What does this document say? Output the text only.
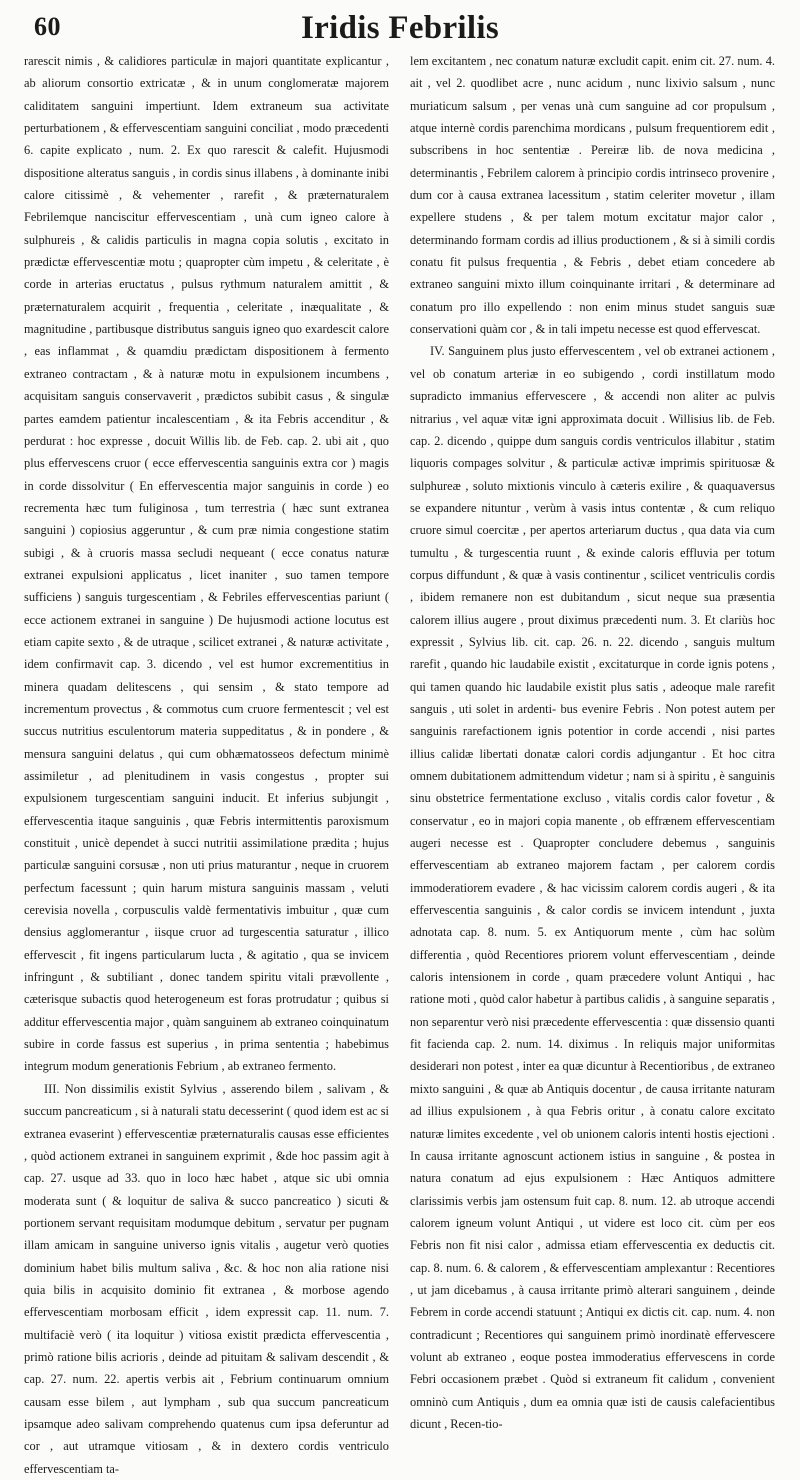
60	Iridis Febrilis

rarescit nimis , & calidiores particulæ in majori quantitate explicantur , ab aliorum consortio extricatæ , & in unum conglomeratæ majorem caliditatem sanguini impertiunt. Idem extraneum sua activitate perturbationem , & effervescentiam sanguini conciliat , modo præcedenti 6. capite explicato , num. 2. Ex quo rarescit & calefit. Hujusmodi dispositione alteratus sanguis , in cordis sinus illabens , à dominante inibi calore citissimè , & vehementer , rarefit , & præternaturalem Febrilemque nanciscitur effervescentiam , unà cum igneo calore à sulphureis , & calidis particulis in magna copia solutis , excitato in prædictæ effervescentiæ motu ; quapropter cùm impetu , & celeritate , è corde in arterias eructatus , pulsus rythmum naturalem amittit , & præternaturalem acquirit , frequentia , celeritate , inæqualitate , & magnitudine , partibusque distributus sanguis igneo quo exardescit calore , eas inflammat , & quamdiu prædictam dispositionem à fermento extraneo contractam , & à naturæ motu in expulsionem incumbens , acquisitam sanguis conservaverit , prædictos subibit casus , & singulæ partes eamdem patientur incalescentiam , & ita Febris accenditur , & perdurat : hoc expresse , docuit Willis lib. de Feb. cap. 2. ubi ait , quo plus effervescens cruor ( ecce effervescentia sanguinis extra cor ) magis in corde dissolvitur ( En effervescentia major sanguinis in corde ) eo recrementa hæc tum fuliginosa , tum terrestria ( hæc sunt extranea sanguini ) copiosius aggeruntur , & cum præ nimia congestione statim subigi , & à cruoris massa secludi nequeant ( ecce conatus naturæ extranei expulsioni applicatus , licet inaniter , suo tamen tempore sufficiens ) sanguis turgescentiam , & Febriles effervescentias pariunt ( ecce actionem extranei in sanguine ) De hujusmodi actione locutus est etiam capite sexto , & de utraque , scilicet extranei , & naturæ activitate , idem confirmavit cap. 3. dicendo , vel est humor excrementitius in minera quadam delitescens , qui sensim , & stato tempore ad incrementum provectus , & commotus cum cruore fermentescit ; vel est succus nutritius esculentorum materia suppeditatus , & in pondere , & mensura sanguini delatus , qui cum obhæmatosseos defectum minimè assimiletur , ad plenitudinem in vasis congestus , propter sui expulsionem turgescentiam sanguini inducit. Et inferius subjungit , effervescentia itaque sanguinis , quæ Febris intermittentis paroxismum constituit , unicè dependet à succi nutritii assimilatione prædita ; hujus particulæ sanguini corsusæ , non uti prius maturantur , neque in cruorem perfectum facessunt ; quin harum mistura sanguinis massam , veluti cerevisia novella , corpusculis valdè fermentativis imbuitur , quæ cum densius agglomerantur , iisque cruor ad turgescentia saturatur , illico effervescit , fit ingens particularum lucta , & agitatio , qua se invicem infringunt , & subtiliant , donec tandem spiritu vitali prævollente , cæterisque subactis quod heterogeneum est foras protrudatur ; quibus si additur effervescentia major , quàm sanguinem ab extraneo coinquinatum subire in corde fassus est superius , in prima sententia ; habebimus integrum modum generationis Febrium , ab extraneo fermento.

III. Non dissimilis existit Sylvius , asserendo bilem , salivam , & succum pancreaticum , si à naturali statu decesserint ( quod idem est ac si extranea evaserint ) effervescentiæ præternaturalis causas esse efficientes , quòd actionem extranei in sanguinem exprimit , &de hoc passim agit à cap. 27. usque ad 33. quo in loco hæc habet , atque sic ubi omnia moderata sunt ( & loquitur de saliva & succo pancreatico ) sicuti & portionem servant requisitam modumque debitum , servatur per pugnam illam amicam in sanguine universo ignis vitalis , augetur verò quoties dominium habet bilis multum saliva , &c. & hoc non alia ratione nisi quia bilis in acquisito dominio fit extranea , & morbose agendo effervescentiam morbosam efficit , idem expressit cap. 11. num. 7. multifaciè verò ( ita loquitur ) vitiosa existit prædicta effervescentia , primò ratione bilis acrioris , deinde ad pituitam & salivam descendit , & cap. 27. num. 22. apertis verbis ait , Febrium continuarum omnium causam esse bilem , aut lympham , sub qua succum pancreaticum ipsamque adeo salivam comprehendo quatenus cum ipsa deferuntur ad cor , aut utramque vitiosam , & in dextero cordis ventriculo effervescentiam ta-

lem excitantem , nec conatum naturæ excludit capit. enim cit. 27. num. 4. ait , vel 2. quodlibet acre , nunc acidum , nunc lixivio salsum , nunc muriaticum salsum , per venas unà cum sanguine ad cor propulsum , atque internè cordis parenchima mordicans , pulsum frequentiorem edit , subscribens in hoc sententiæ . Pereiræ lib. de nova medicina , determinantis , Febrilem calorem à principio cordis intrinseco provenire , dum cor à causa extranea lacessitum , statim celeriter movetur , illam expellere studens , & per talem motum excitatur major calor , determinando formam cordis ad illius productionem , & si à simili cordis conatu fit pulsus frequentia , & Febris , debet etiam concedere ab extraneo sanguini mixto illum coinquinante irritari , & determinare ad conatum pro illo expellendo : non enim minus studet sanguis suæ conservationi quàm cor , & in tali impetu necesse est quod effervescat.

IV. Sanguinem plus justo effervescentem , vel ob extranei actionem , vel ob conatum arteriæ in eo subigendo , cordi instillatum modo supradicto immanius effervescere , & accendi non aliter ac pulvis nitrarius , vel aquæ vitæ igni approximata docuit . Willisius lib. de Feb. cap. 2. dicendo , quippe dum sanguis cordis ventriculos illabitur , statim liquoris compages solvitur , & particulæ activæ imprimis spirituosæ & sulphureæ , soluto mixtionis vinculo à cæteris exilire , & quaquaversus se expandere nituntur , verùm à vasis intus contentæ , & cum reliquo cruore simul coercitæ , per apertos arteriarum ductus , qua data via cum tumultu , & turgescentia ruunt , & exinde caloris effluvia per totum corpus diffundunt , & quæ à vasis continentur , scilicet ventriculis cordis , ibidem remanere non est dubitandum , sicut neque sua præsentia calorem illius augere , prout diximus præcedenti num. 3. Et clariùs hoc expressit , Sylvius lib. cit. cap. 26. n. 22. dicendo , sanguis multum rarefit , quando hic laudabile existit , excitaturque in corde ignis potens , qui tamen quando hic laudabile existit plus satis , adeoque male rarefit sanguis , uti solet in ardenti- bus evenire Febris . Non potest autem per sanguinis rarefactionem ignis potentior in corde accendi , nisi partes illius calidæ libertati donatæ calori cordis adjungantur . Et hoc citra omnem dubitationem admittendum videtur ; nam si à spiritu , è sanguinis sinu obstetrice fermentatione excluso , vitalis cordis calor fovetur , & conservatur , eo in majori copia manente , ob effrænem effervescentiam augeri necesse est . Quapropter concludere debemus , sanguinis effervescentiam ab extraneo majorem factam , per calorem cordis immoderatiorem evadere , & hac vicissim calorem cordis augeri , & ita effervescentia sanguinis , & calor cordis se invicem intendunt , juxta adnotata cap. 8. num. 5. ex Antiquorum mente , cùm hac solùm differentia , quòd Recentiores priorem volunt effervescentiam , deinde caloris intensionem in corde , quam præcedere volunt Antiqui , hac ratione moti , quòd calor habetur à partibus calidis , à sanguine separatis , non separentur verò nisi præcedente effervescentia : quæ dissensio quanti fit facienda cap. 2. num. 14. diximus . In reliquis major uniformitas desiderari non potest , inter ea quæ dicuntur à Recentioribus , de extraneo mixto sanguini , & quæ ab Antiquis docentur , de causa irritante naturam ad illius expulsionem , à qua Febris oritur , à conatu calore excitato naturæ limites excedente , vel ob unionem caloris intenti hostis ejectioni . In causa irritante agnoscunt actionem istius in sanguine , & postea in natura conatum ad ejus expulsionem : Hæc Antiquos admittere clarissimis verbis jam ostensum fuit cap. 8. num. 12. ab utroque accendi calorem igneum volunt Antiqui , ut videre est loco cit. cùm per eos Febris non fit nisi calor , admissa etiam effervescentia ex deductis cit. cap. 8. num. 6. & calorem , & effervescentiam amplexantur : Recentiores , ut jam dicebamus , à causa irritante primò alterari sanguinem , deinde Febrem in corde accendi statuunt ; Antiqui ex dictis cit. cap. num. 4. non contradicunt ; Recentiores qui sanguinem primò inordinatè effervescere volunt ab extraneo , eoque postea immoderatius effervescens in corde Febri occasionem præbet . Quòd si extraneum fit calidum , convenient omninò cum Antiquis , dum ea omnia quæ isti de causis calefacientibus dicunt , Recen-tio-
